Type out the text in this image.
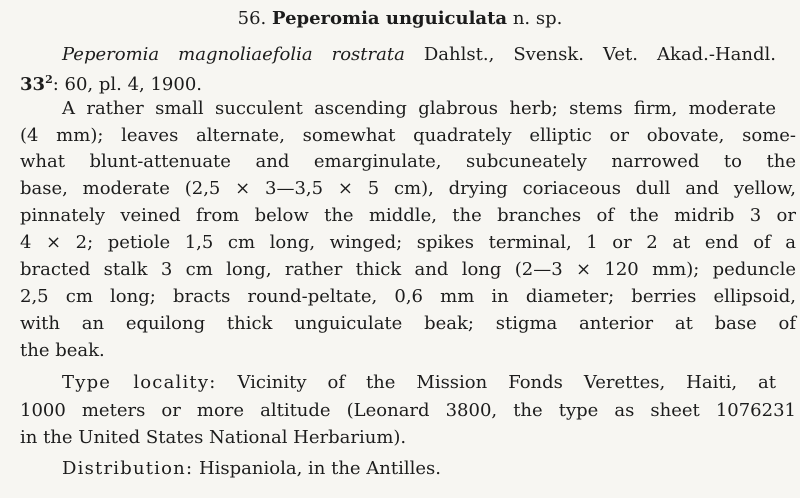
56. Peperomia unguiculata n. sp.
Peperomia magnoliaefolia rostrata Dahlst., Svensk. Vet. Akad.-Handl.
$33^2$: 60, pl. 4, 1900.
A rather small succulent ascending glabrous herb; stems firm, moderate
(4 mm); leaves alternate, somewhat quadrately elliptic or obovate, some-
what blunt-attenuate and emarginulate, subcuneately narrowed to the
base, moderate (2,5 × 3—3,5 × 5 cm), drying coriaceous dull and yellow,
pinnately veined from below the middle, the branches of the midrib 3 or
4 × 2; petiole 1,5 cm long, winged; spikes terminal, 1 or 2 at end of a
bracted stalk 3 cm long, rather thick and long (2—3 × 120 mm); peduncle
2,5 cm long; bracts round-peltate, 0,6 mm in diameter; berries ellipsoid,
with an equilong thick unguiculate beak; stigma anterior at base of
the beak.
Type locality: Vicinity of the Mission Fonds Verettes, Haiti, at
1000 meters or more altitude (Leonard 3800, the type as sheet 1076231
in the United States National Herbarium).
Distribution: Hispaniola, in the Antilles.
